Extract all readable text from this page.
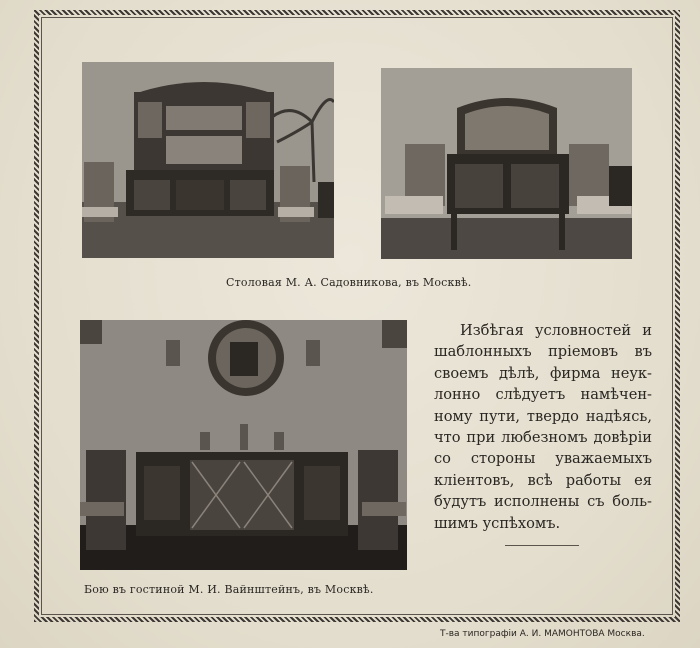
Столовая М. А. Садовникова, въ Москвѣ.
Бою въ гостиной М. И. Вайнштейнъ, въ Москвѣ.
Избѣгая условностей и
шаблонныхъ пріемовъ въ
своемъ дѣлѣ, фирма неук-
лонно слѣдуетъ намѣчен-
ному пути, твердо надѣясь,
что при любезномъ довѣріи
со стороны уважаемыхъ
клiентовъ, всѣ работы ея
будутъ исполнены съ боль-
шимъ успѣхомъ.
Т-ва типографіи А. И. МАМОНТОВА Москва.
